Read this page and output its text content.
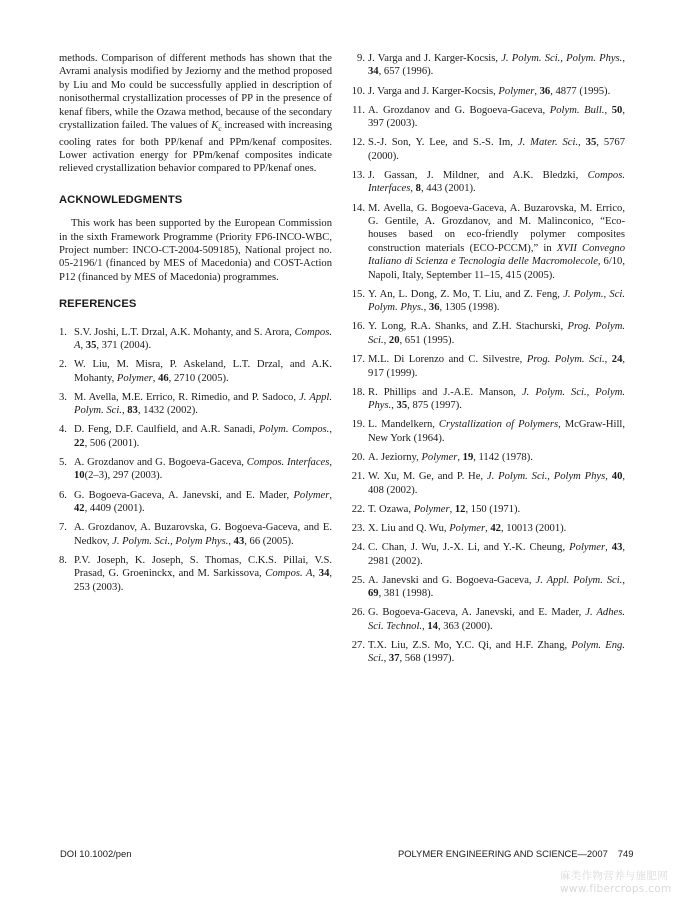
methods. Comparison of different methods has shown that the Avrami analysis modified by Jeziorny and the method proposed by Liu and Mo could be successfully applied in description of nonisothermal crystallization processes of PP in the presence of kenaf fibers, while the Ozawa method, because of the secondary crystallization failed. The values of $K_c$ increased with increasing cooling rates for both PP/kenaf and PPm/kenaf composites. Lower activation energy for PPm/kenaf composites indicate relieved crystallization behavior compared to PP/kenaf ones.

ACKNOWLEDGMENTS

This work has been supported by the European Commission in the sixth Framework Programme (Priority FP6-INCO-WBC, Project number: INCO-CT-2004-509185), National project no. 05-2196/1 (financed by MES of Macedonia) and COST-Action P12 (financed by MES of Macedonia) programmes.

REFERENCES
1. S.V. Joshi, L.T. Drzal, A.K. Mohanty, and S. Arora, Compos. A, 35, 371 (2004).
2. W. Liu, M. Misra, P. Askeland, L.T. Drzal, and A.K. Mohanty, Polymer, 46, 2710 (2005).
3. M. Avella, M.E. Errico, R. Rimedio, and P. Sadoco, J. Appl. Polym. Sci., 83, 1432 (2002).
4. D. Feng, D.F. Caulfield, and A.R. Sanadi, Polym. Compos., 22, 506 (2001).
5. A. Grozdanov and G. Bogoeva-Gaceva, Compos. Interfaces, 10(2–3), 297 (2003).
6. G. Bogoeva-Gaceva, A. Janevski, and E. Mader, Polymer, 42, 4409 (2001).
7. A. Grozdanov, A. Buzarovska, G. Bogoeva-Gaceva, and E. Nedkov, J. Polym. Sci., Polym Phys., 43, 66 (2005).
8. P.V. Joseph, K. Joseph, S. Thomas, C.K.S. Pillai, V.S. Prasad, G. Groeninckx, and M. Sarkissova, Compos. A, 34, 253 (2003).
9. J. Varga and J. Karger-Kocsis, J. Polym. Sci., Polym. Phys., 34, 657 (1996).
10. J. Varga and J. Karger-Kocsis, Polymer, 36, 4877 (1995).
11. A. Grozdanov and G. Bogoeva-Gaceva, Polym. Bull., 50, 397 (2003).
12. S.-J. Son, Y. Lee, and S.-S. Im, J. Mater. Sci., 35, 5767 (2000).
13. J. Gassan, J. Mildner, and A.K. Bledzki, Compos. Interfaces, 8, 443 (2001).
14. M. Avella, G. Bogoeva-Gaceva, A. Buzarovska, M. Errico, G. Gentile, A. Grozdanov, and M. Malinconico, “Eco-houses based on eco-friendly polymer composites construction materials (ECO-PCCM),” in XVII Convegno Italiano di Scienza e Tecnologia delle Macromolecole, 6/10, Napoli, Italy, September 11–15, 415 (2005).
15. Y. An, L. Dong, Z. Mo, T. Liu, and Z. Feng, J. Polym., Sci. Polym. Phys., 36, 1305 (1998).
16. Y. Long, R.A. Shanks, and Z.H. Stachurski, Prog. Polym. Sci., 20, 651 (1995).
17. M.L. Di Lorenzo and C. Silvestre, Prog. Polym. Sci., 24, 917 (1999).
18. R. Phillips and J.-A.E. Manson, J. Polym. Sci., Polym. Phys., 35, 875 (1997).
19. L. Mandelkern, Crystallization of Polymers, McGraw-Hill, New York (1964).
20. A. Jeziorny, Polymer, 19, 1142 (1978).
21. W. Xu, M. Ge, and P. He, J. Polym. Sci., Polym Phys, 40, 408 (2002).
22. T. Ozawa, Polymer, 12, 150 (1971).
23. X. Liu and Q. Wu, Polymer, 42, 10013 (2001).
24. C. Chan, J. Wu, J.-X. Li, and Y.-K. Cheung, Polymer, 43, 2981 (2002).
25. A. Janevski and G. Bogoeva-Gaceva, J. Appl. Polym. Sci., 69, 381 (1998).
26. G. Bogoeva-Gaceva, A. Janevski, and E. Mader, J. Adhes. Sci. Technol., 14, 363 (2000).
27. T.X. Liu, Z.S. Mo, Y.C. Qi, and H.F. Zhang, Polym. Eng. Sci., 37, 568 (1997).
DOI 10.1002/pen	POLYMER ENGINEERING AND SCIENCE—2007 749
麻类作物营养与施肥网 www.fibercrops.com
